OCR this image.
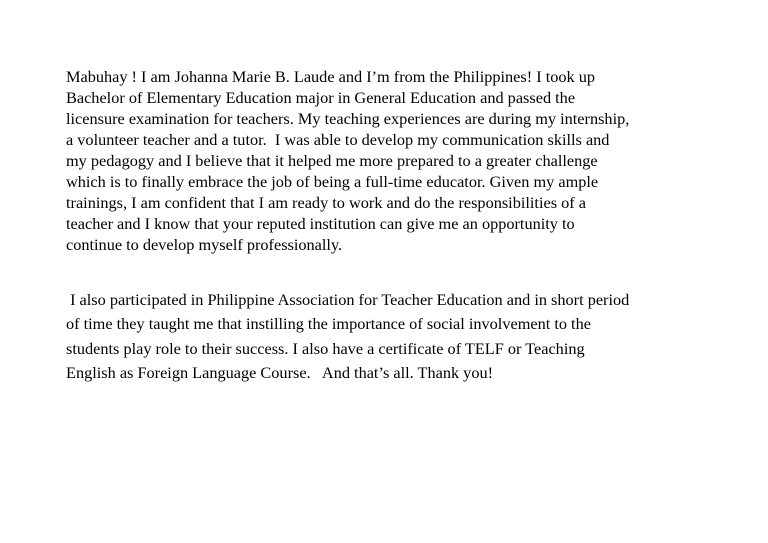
Mabuhay ! I am Johanna Marie B. Laude and I’m from the Philippines! I took up
Bachelor of Elementary Education major in General Education and passed the
licensure examination for teachers. My teaching experiences are during my internship,
a volunteer teacher and a tutor.  I was able to develop my communication skills and
my pedagogy and I believe that it helped me more prepared to a greater challenge
which is to finally embrace the job of being a full-time educator. Given my ample
trainings, I am confident that I am ready to work and do the responsibilities of a
teacher and I know that your reputed institution can give me an opportunity to
continue to develop myself professionally.

I also participated in Philippine Association for Teacher Education and in short period
of time they taught me that instilling the importance of social involvement to the
students play role to their success. I also have a certificate of TELF or Teaching
English as Foreign Language Course.   And that’s all. Thank you!
